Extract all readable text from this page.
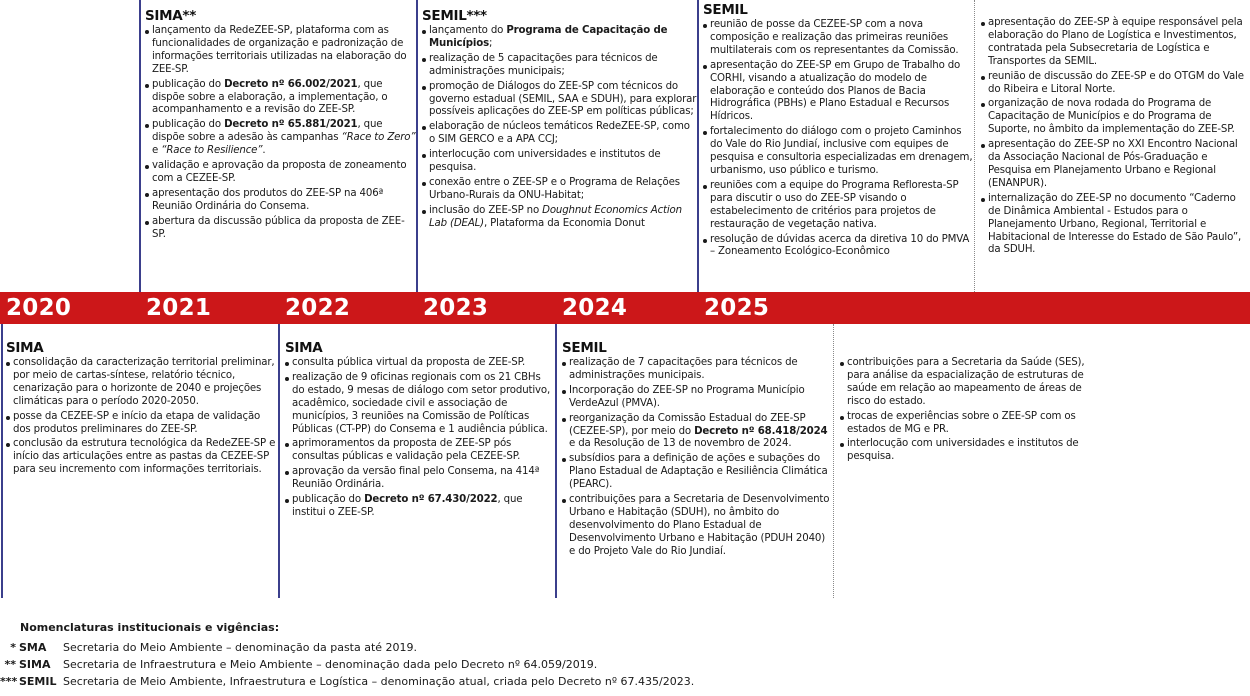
2020	2021	2022	2023	2024	2025
SIMA**
lançamento da RedeZEE-SP, plataforma com as funcionalidades de organização e padronização de informações territoriais utilizadas na elaboração do ZEE-SP.
publicação do Decreto nº 66.002/2021, que dispõe sobre a elaboração, a implementação, o acompanhamento e a revisão do ZEE-SP.
publicação do Decreto nº 65.881/2021, que dispõe sobre a adesão às campanhas “Race to Zero” e “Race to Resilience”.
validação e aprovação da proposta de zoneamento com a CEZEE-SP.
apresentação dos produtos do ZEE-SP na 406ª Reunião Ordinária do Consema.
abertura da discussão pública da proposta de ZEE-SP.
SEMIL***
lançamento do Programa de Capacitação de Municípios;
realização de 5 capacitações para técnicos de administrações municipais;
promoção de Diálogos do ZEE-SP com técnicos do governo estadual (SEMIL, SAA e SDUH), para explorar possíveis aplicações do ZEE-SP em políticas públicas;
elaboração de núcleos temáticos RedeZEE-SP, como o SIM GERCO e a APA CCJ;
interlocução com universidades e institutos de pesquisa.
conexão entre o ZEE-SP e o Programa de Relações Urbano-Rurais da ONU-Habitat;
inclusão do ZEE-SP no Doughnut Economics Action Lab (DEAL), Plataforma da Economia Donut
SEMIL
reunião de posse da CEZEE-SP com a nova composição e realização das primeiras reuniões multilaterais com os representantes da Comissão.
apresentação do ZEE-SP em Grupo de Trabalho do CORHI, visando a atualização do modelo de elaboração e conteúdo dos Planos de Bacia Hidrográfica (PBHs) e Plano Estadual e Recursos Hídricos.
fortalecimento do diálogo com o projeto Caminhos do Vale do Rio Jundiaí, inclusive com equipes de pesquisa e consultoria especializadas em drenagem, urbanismo, uso público e turismo.
reuniões com a equipe do Programa Refloresta-SP para discutir o uso do ZEE-SP visando o estabelecimento de critérios para projetos de restauração de vegetação nativa.
resolução de dúvidas acerca da diretiva 10 do PMVA – Zoneamento Ecológico-Econômico
apresentação do ZEE-SP à equipe responsável pela elaboração do Plano de Logística e Investimentos, contratada pela Subsecretaria de Logística e Transportes da SEMIL.
reunião de discussão do ZEE-SP e do OTGM do Vale do Ribeira e Litoral Norte.
organização de nova rodada do Programa de Capacitação de Municípios e do Programa de Suporte, no âmbito da implementação do ZEE-SP.
apresentação do ZEE-SP no XXI Encontro Nacional da Associação Nacional de Pós-Graduação e Pesquisa em Planejamento Urbano e Regional (ENANPUR).
internalização do ZEE-SP no documento “Caderno de Dinâmica Ambiental - Estudos para o Planejamento Urbano, Regional, Territorial e Habitacional de Interesse do Estado de São Paulo”, da SDUH.
SIMA
consolidação da caracterização territorial preliminar, por meio de cartas-síntese, relatório técnico, cenarização para o horizonte de 2040 e projeções climáticas para o período 2020-2050.
posse da CEZEE-SP e início da etapa de validação dos produtos preliminares do ZEE-SP.
conclusão da estrutura tecnológica da RedeZEE-SP e início das articulações entre as pastas da CEZEE-SP para seu incremento com informações territoriais.
SIMA
consulta pública virtual da proposta de ZEE-SP.
realização de 9 oficinas regionais com os 21 CBHs do estado, 9 mesas de diálogo com setor produtivo, acadêmico, sociedade civil e associação de municípios, 3 reuniões na Comissão de Políticas Públicas (CT-PP) do Consema e 1 audiência pública.
aprimoramentos da proposta de ZEE-SP pós consultas públicas e validação pela CEZEE-SP.
aprovação da versão final pelo Consema, na 414ª Reunião Ordinária.
publicação do Decreto nº 67.430/2022, que institui o ZEE-SP.
SEMIL
realização de 7 capacitações para técnicos de administrações municipais.
Incorporação do ZEE-SP no Programa Município VerdeAzul (PMVA).
reorganização da Comissão Estadual do ZEE-SP (CEZEE-SP), por meio do Decreto nº 68.418/2024 e da Resolução de 13 de novembro de 2024.
subsídios para a definição de ações e subações do Plano Estadual de Adaptação e Resiliência Climática (PEARC).
contribuições para a Secretaria de Desenvolvimento Urbano e Habitação (SDUH), no âmbito do desenvolvimento do Plano Estadual de Desenvolvimento Urbano e Habitação (PDUH 2040) e do Projeto Vale do Rio Jundiaí.
contribuições para a Secretaria da Saúde (SES), para análise da espacialização de estruturas de saúde em relação ao mapeamento de áreas de risco do estado.
trocas de experiências sobre o ZEE-SP com os estados de MG e PR.
interlocução com universidades e institutos de pesquisa.
Nomenclaturas institucionais e vigências:
* SMA Secretaria do Meio Ambiente – denominação da pasta até 2019.
** SIMA Secretaria de Infraestrutura e Meio Ambiente – denominação dada pelo Decreto nº 64.059/2019.
*** SEMIL Secretaria de Meio Ambiente, Infraestrutura e Logística – denominação atual, criada pelo Decreto nº 67.435/2023.
